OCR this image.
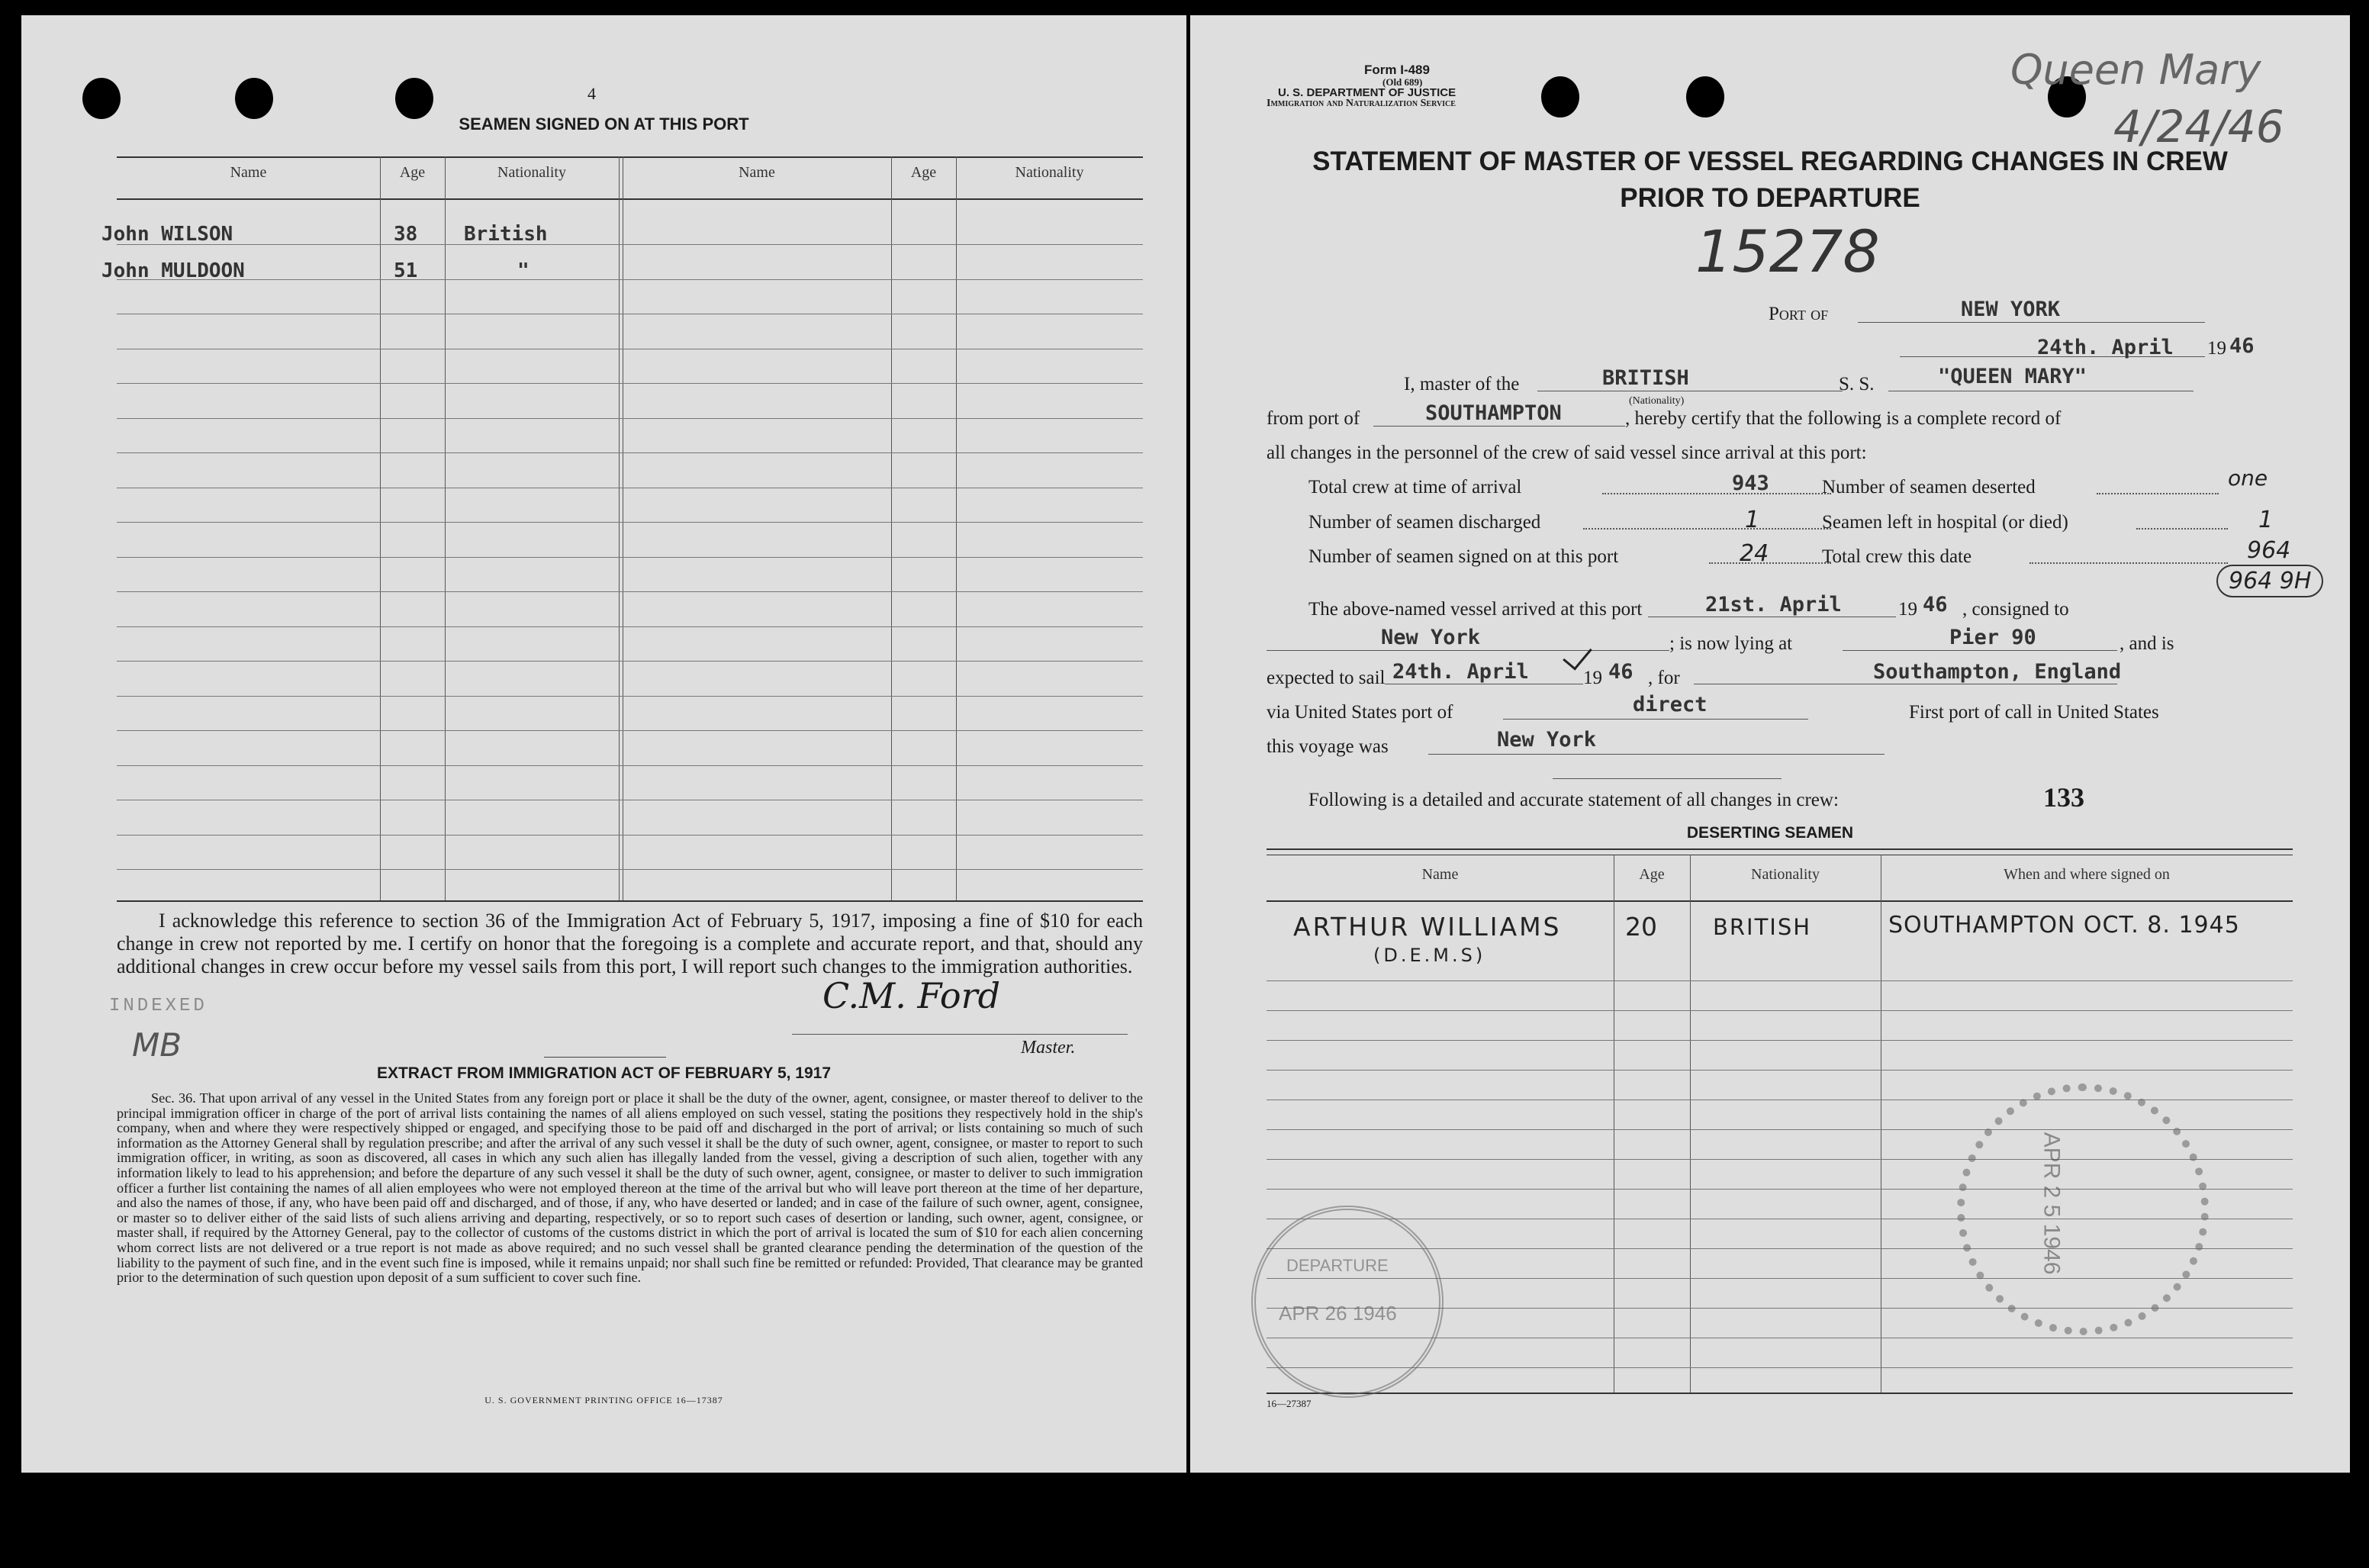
4
SEAMEN SIGNED ON AT THIS PORT
Name	Age	Nationality	Name	Age	Nationality
John WILSON	38 British
John MULDOON	51	"
I acknowledge this reference to section 36 of the Immigration Act of February 5, 1917, imposing a fine of $10 for each change in crew not reported by me. I certify on honor that the foregoing is a complete and accurate report, and that, should any additional changes in crew occur before my vessel sails from this port, I will report such changes to the immigration authorities.
C.M. Ford
Master.
INDEXED
MB
EXTRACT FROM IMMIGRATION ACT OF FEBRUARY 5, 1917
Sec. 36. That upon arrival of any vessel in the United States from any foreign port or place it shall be the duty of the owner, agent, consignee, or master thereof to deliver to the principal immigration officer in charge of the port of arrival lists containing the names of all aliens employed on such vessel, stating the positions they respectively hold in the ship's company, when and where they were respectively shipped or engaged, and specifying those to be paid off and discharged in the port of arrival; or lists containing so much of such information as the Attorney General shall by regulation prescribe; and after the arrival of any such vessel it shall be the duty of such owner, agent, consignee, or master to report to such immigration officer, in writing, as soon as discovered, all cases in which any such alien has illegally landed from the vessel, giving a description of such alien, together with any information likely to lead to his apprehension; and before the departure of any such vessel it shall be the duty of such owner, agent, consignee, or master to deliver to such immigration officer a further list containing the names of all alien employees who were not employed thereon at the time of the arrival but who will leave port thereon at the time of her departure, and also the names of those, if any, who have been paid off and discharged, and of those, if any, who have deserted or landed; and in case of the failure of such owner, agent, consignee, or master so to deliver either of the said lists of such aliens arriving and departing, respectively, or so to report such cases of desertion or landing, such owner, agent, consignee, or master shall, if required by the Attorney General, pay to the collector of customs of the customs district in which the port of arrival is located the sum of $10 for each alien concerning whom correct lists are not delivered or a true report is not made as above required; and no such vessel shall be granted clearance pending the determination of the question of the liability to the payment of such fine, and in the event such fine is imposed, while it remains unpaid; nor shall such fine be remitted or refunded: Provided, That clearance may be granted prior to the determination of such question upon deposit of a sum sufficient to cover such fine.
U. S. GOVERNMENT PRINTING OFFICE 16—17387
Form I-489
(Old 689)
U. S. DEPARTMENT OF JUSTICE
Immigration and Naturalization Service
Queen Mary
4/24/46
STATEMENT OF MASTER OF VESSEL REGARDING CHANGES IN CREW
PRIOR TO DEPARTURE
15278
Port of	NEW YORK
24th. April 19 46
I, master of the	BRITISH
(Nationality)
S. S.	"QUEEN MARY"
from port of	SOUTHAMPTON	, hereby certify that the following is a complete record of
all changes in the personnel of the crew of said vessel since arrival at this port:
Total crew at time of arrival	943
Number of seamen discharged	1
Number of seamen signed on at this port	24
Number of seamen deserted	one
Seamen left in hospital (or died)	1
Total crew this date	964
964 9H
The above-named vessel arrived at this port	21st. April	19 46 , consigned to
New York	; is now lying at	Pier 90	, and is
expected to sail 24th. April	19 46 , for	Southampton, England
via United States port of	direct	First port of call in United States
this voyage was	New York
Following is a detailed and accurate statement of all changes in crew:	133
DESERTING SEAMEN
Name	Age	Nationality	When and where signed on
ARTHUR WILLIAMS
(D.E.M.S)
20	BRITISH	SOUTHAMPTON OCT. 8. 1945
DEPARTURE
APR 26 1946
APR 2 5 1946
16—27387
